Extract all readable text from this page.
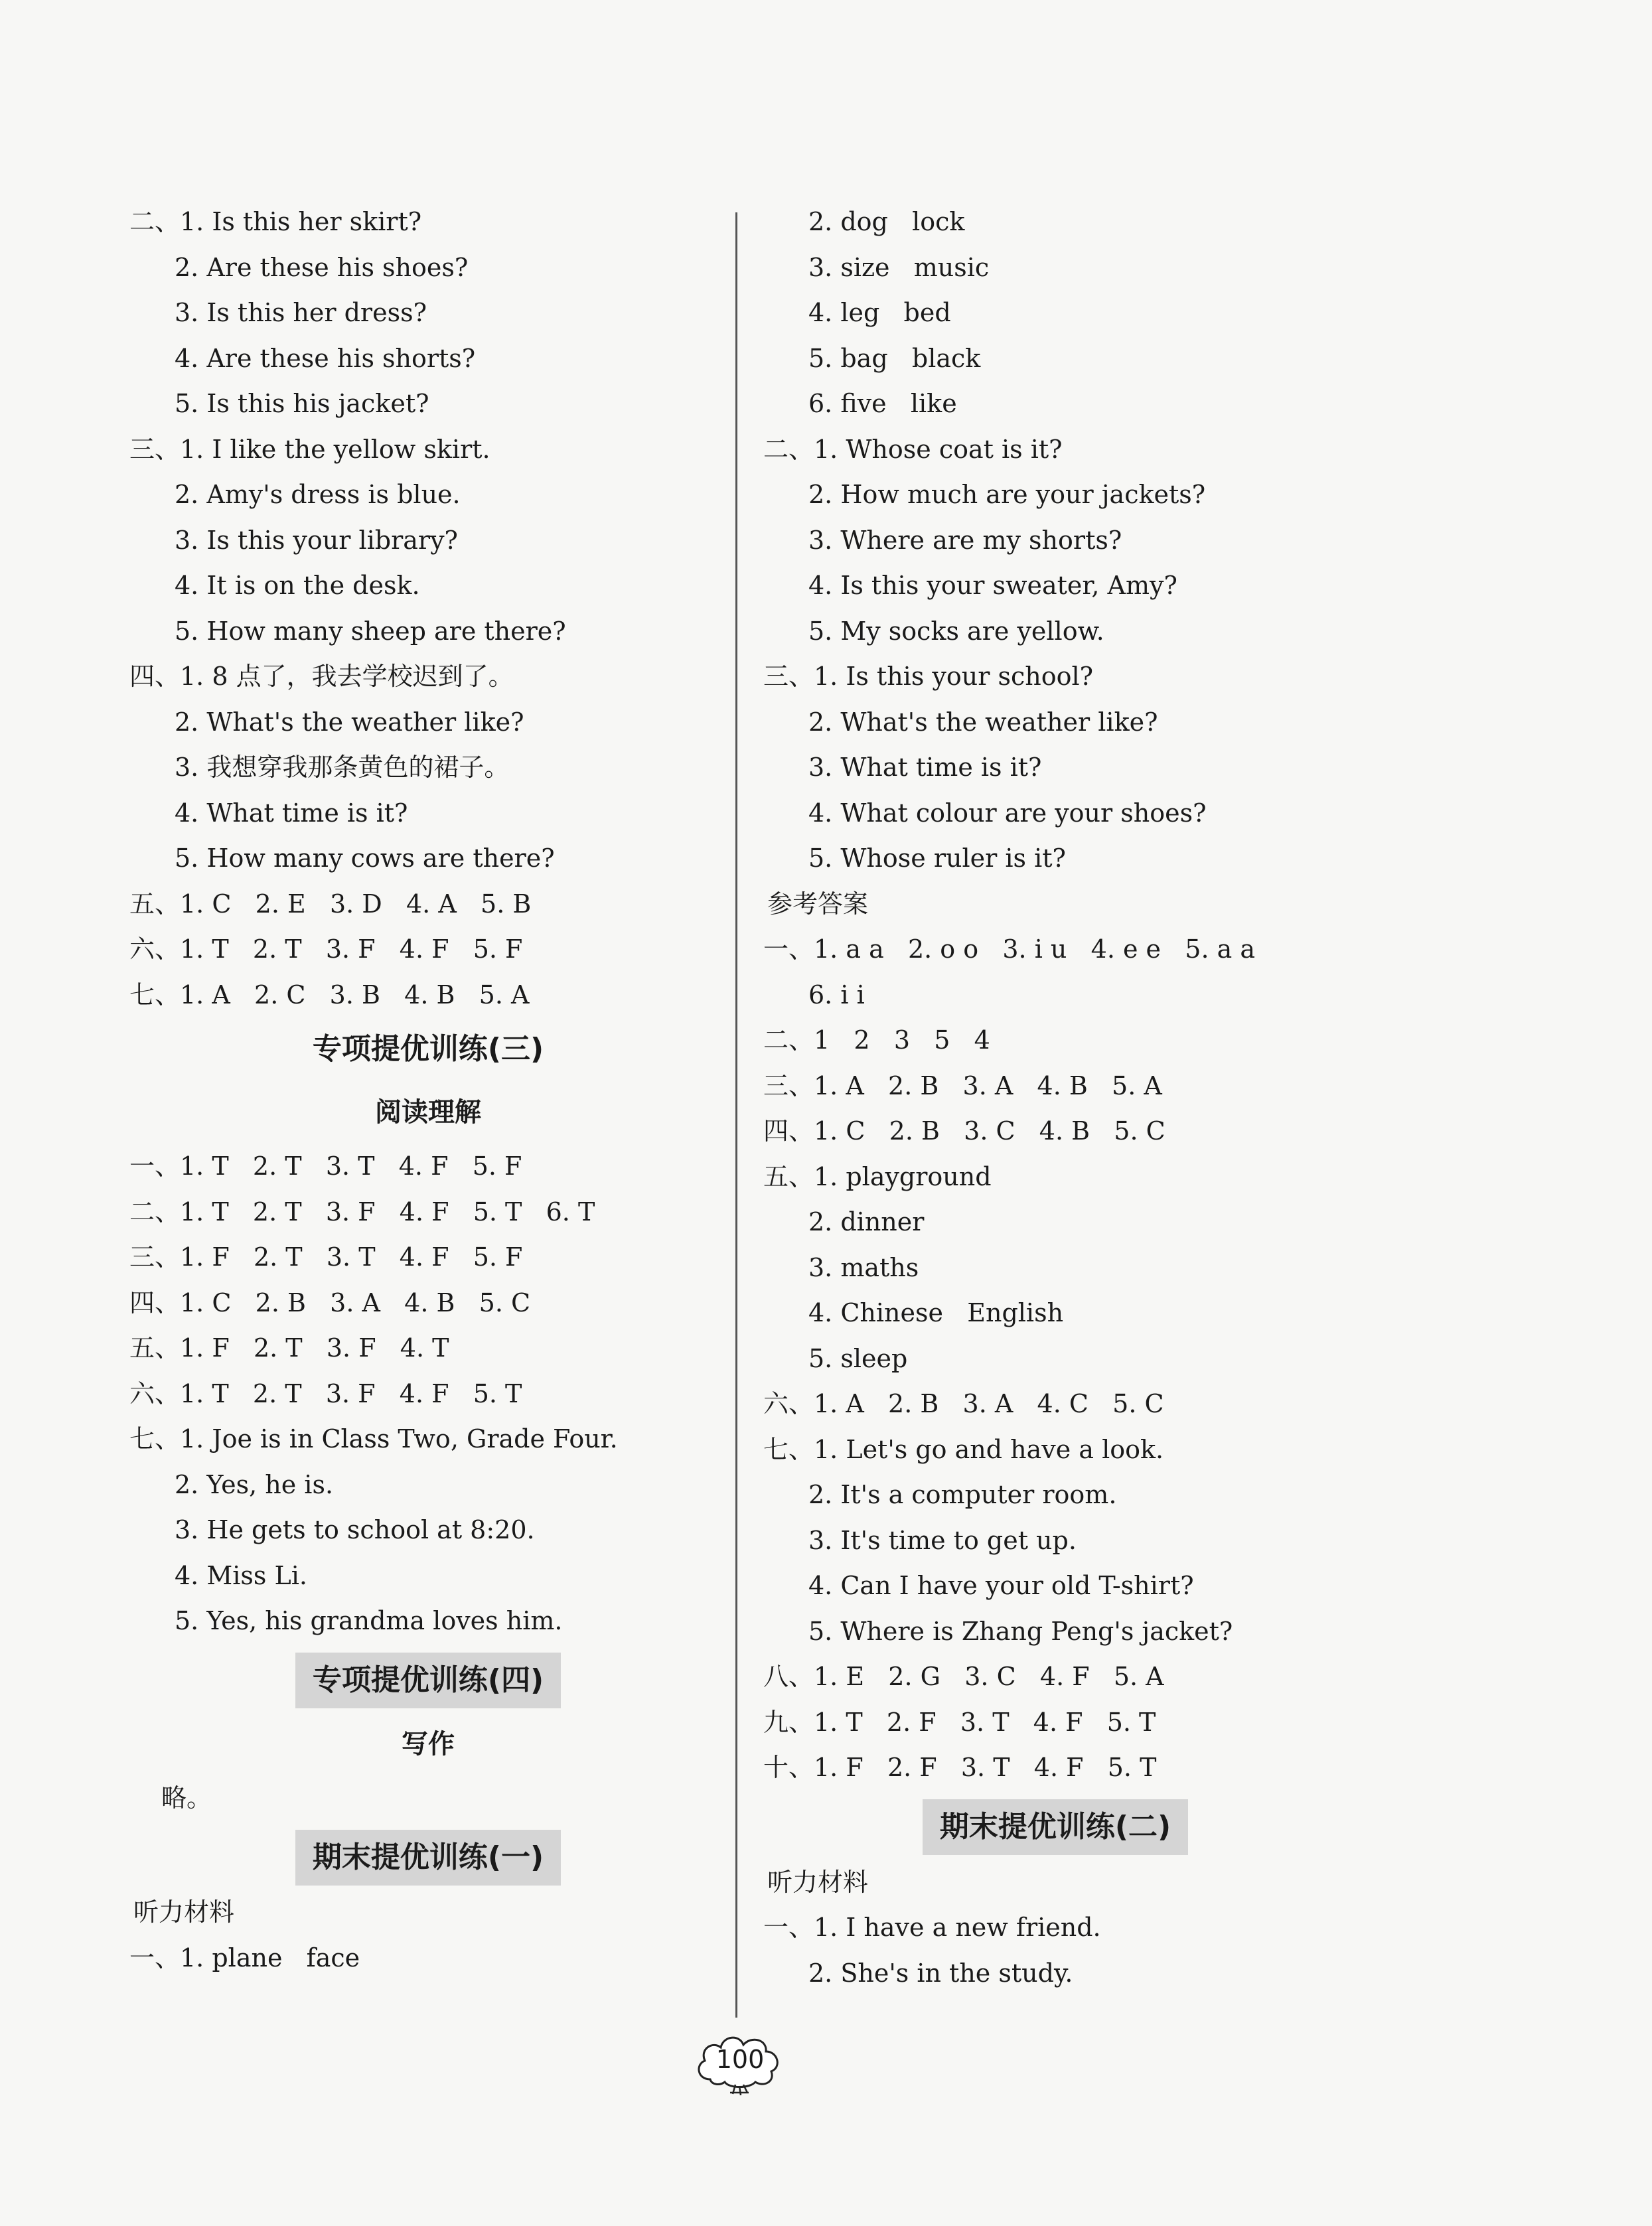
二、1. Is this her skirt?
2. Are these his shoes?
3. Is this her dress?
4. Are these his shorts?
5. Is this his jacket?
三、1. I like the yellow skirt.
2. Amy's dress is blue.
3. Is this your library?
4. It is on the desk.
5. How many sheep are there?
四、1. 8 点了，我去学校迟到了。
2. What's the weather like?
3. 我想穿我那条黄色的裙子。
4. What time is it?
5. How many cows are there?
五、1. C   2. E   3. D   4. A   5. B
六、1. T   2. T   3. F   4. F   5. F
七、1. A   2. C   3. B   4. B   5. A
专项提优训练(三)
阅读理解
一、1. T   2. T   3. T   4. F   5. F
二、1. T   2. T   3. F   4. F   5. T   6. T
三、1. F   2. T   3. T   4. F   5. F
四、1. C   2. B   3. A   4. B   5. C
五、1. F   2. T   3. F   4. T
六、1. T   2. T   3. F   4. F   5. T
七、1. Joe is in Class Two, Grade Four.
2. Yes, he is.
3. He gets to school at 8:20.
4. Miss Li.
5. Yes, his grandma loves him.
专项提优训练(四)
写作
略。
期末提优训练(一)
听力材料
一、1. plane   face
2. dog   lock
3. size   music
4. leg   bed
5. bag   black
6. five   like
二、1. Whose coat is it?
2. How much are your jackets?
3. Where are my shorts?
4. Is this your sweater, Amy?
5. My socks are yellow.
三、1. Is this your school?
2. What's the weather like?
3. What time is it?
4. What colour are your shoes?
5. Whose ruler is it?
参考答案
一、1. a a   2. o o   3. i u   4. e e   5. a a
6. i i
二、1   2   3   5   4
三、1. A   2. B   3. A   4. B   5. A
四、1. C   2. B   3. C   4. B   5. C
五、1. playground
2. dinner
3. maths
4. Chinese   English
5. sleep
六、1. A   2. B   3. A   4. C   5. C
七、1. Let's go and have a look.
2. It's a computer room.
3. It's time to get up.
4. Can I have your old T-shirt?
5. Where is Zhang Peng's jacket?
八、1. E   2. G   3. C   4. F   5. A
九、1. T   2. F   3. T   4. F   5. T
十、1. F   2. F   3. T   4. F   5. T
期末提优训练(二)
听力材料
一、1. I have a new friend.
2. She's in the study.
100
